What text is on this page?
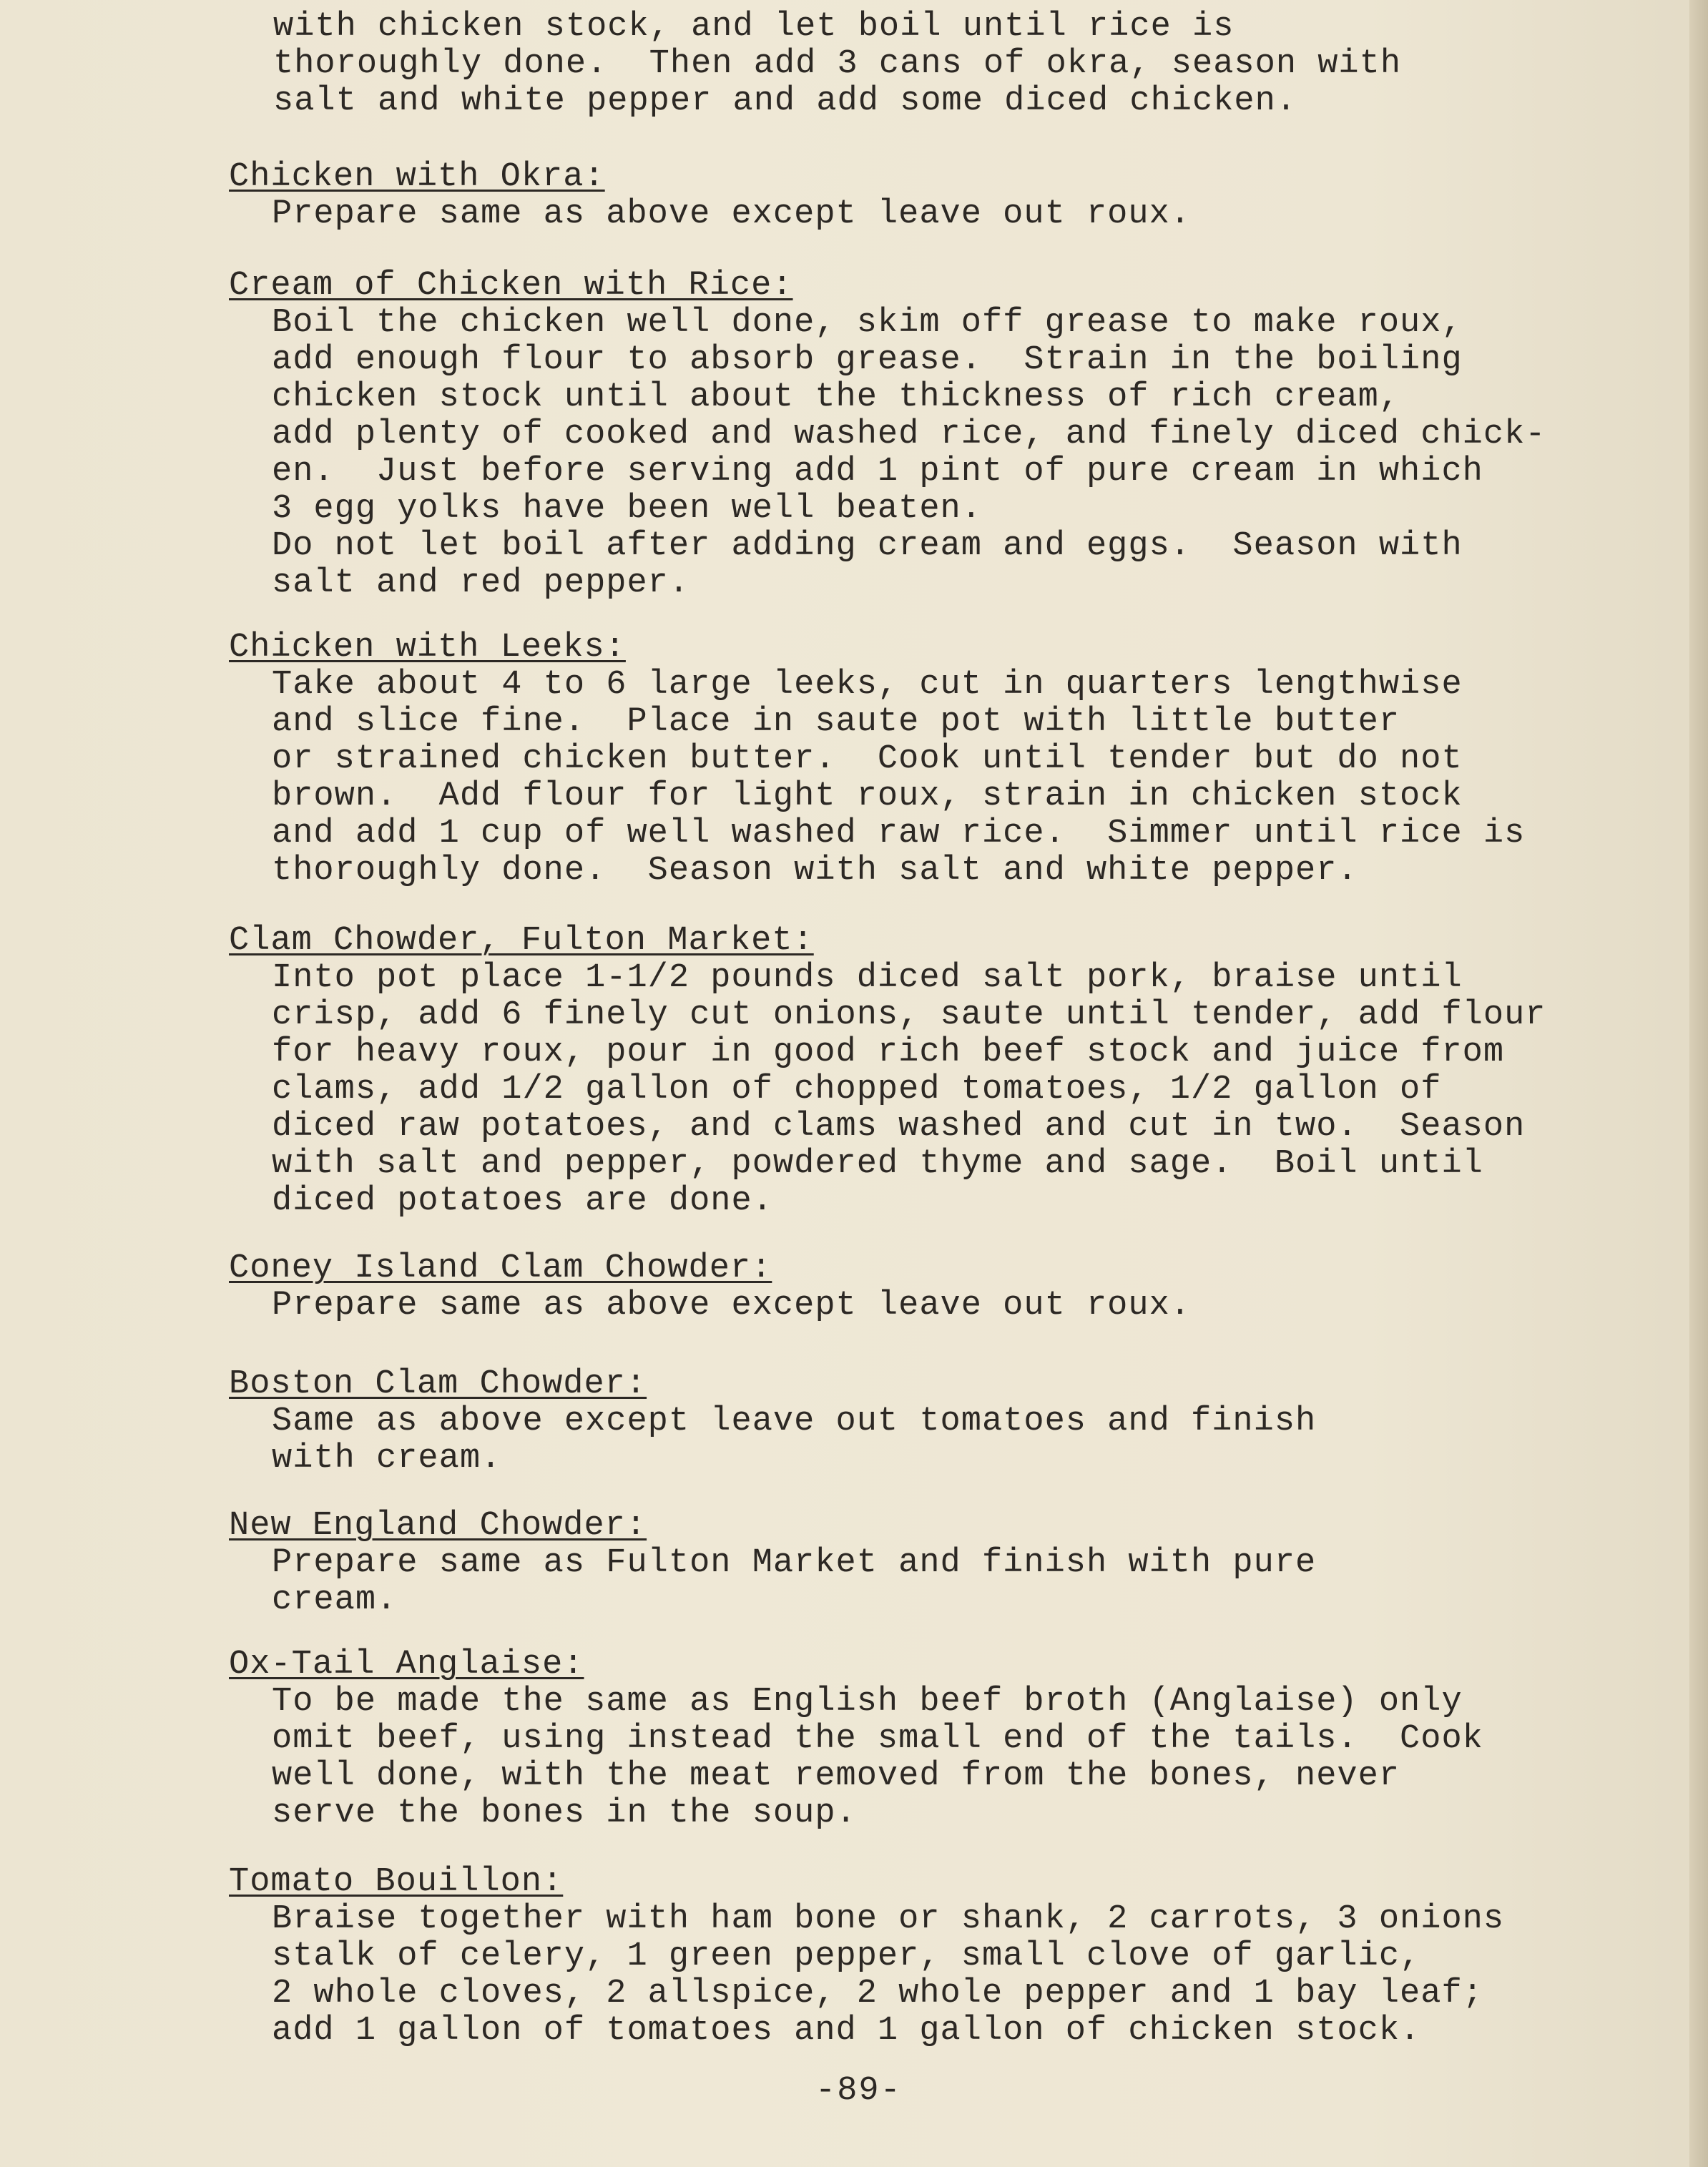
with chicken stock, and let boil until rice is
thoroughly done.  Then add 3 cans of okra, season with
salt and white pepper and add some diced chicken.
Chicken with Okra:
Prepare same as above except leave out roux.
Cream of Chicken with Rice:
Boil the chicken well done, skim off grease to make roux,
add enough flour to absorb grease.  Strain in the boiling
chicken stock until about the thickness of rich cream,
add plenty of cooked and washed rice, and finely diced chick-
en.  Just before serving add 1 pint of pure cream in which
3 egg yolks have been well beaten.
Do not let boil after adding cream and eggs.  Season with
salt and red pepper.
Chicken with Leeks:
Take about 4 to 6 large leeks, cut in quarters lengthwise
and slice fine.  Place in saute pot with little butter
or strained chicken butter.  Cook until tender but do not
brown.  Add flour for light roux, strain in chicken stock
and add 1 cup of well washed raw rice.  Simmer until rice is
thoroughly done.  Season with salt and white pepper.
Clam Chowder, Fulton Market:
Into pot place 1-1/2 pounds diced salt pork, braise until
crisp, add 6 finely cut onions, saute until tender, add flour
for heavy roux, pour in good rich beef stock and juice from
clams, add 1/2 gallon of chopped tomatoes, 1/2 gallon of
diced raw potatoes, and clams washed and cut in two.  Season
with salt and pepper, powdered thyme and sage.  Boil until
diced potatoes are done.
Coney Island Clam Chowder:
Prepare same as above except leave out roux.
Boston Clam Chowder:
Same as above except leave out tomatoes and finish
with cream.
New England Chowder:
Prepare same as Fulton Market and finish with pure
cream.
Ox-Tail Anglaise:
To be made the same as English beef broth (Anglaise) only
omit beef, using instead the small end of the tails.  Cook
well done, with the meat removed from the bones, never
serve the bones in the soup.
Tomato Bouillon:
Braise together with ham bone or shank, 2 carrots, 3 onions
stalk of celery, 1 green pepper, small clove of garlic,
2 whole cloves, 2 allspice, 2 whole pepper and 1 bay leaf;
add 1 gallon of tomatoes and 1 gallon of chicken stock.
-89-
